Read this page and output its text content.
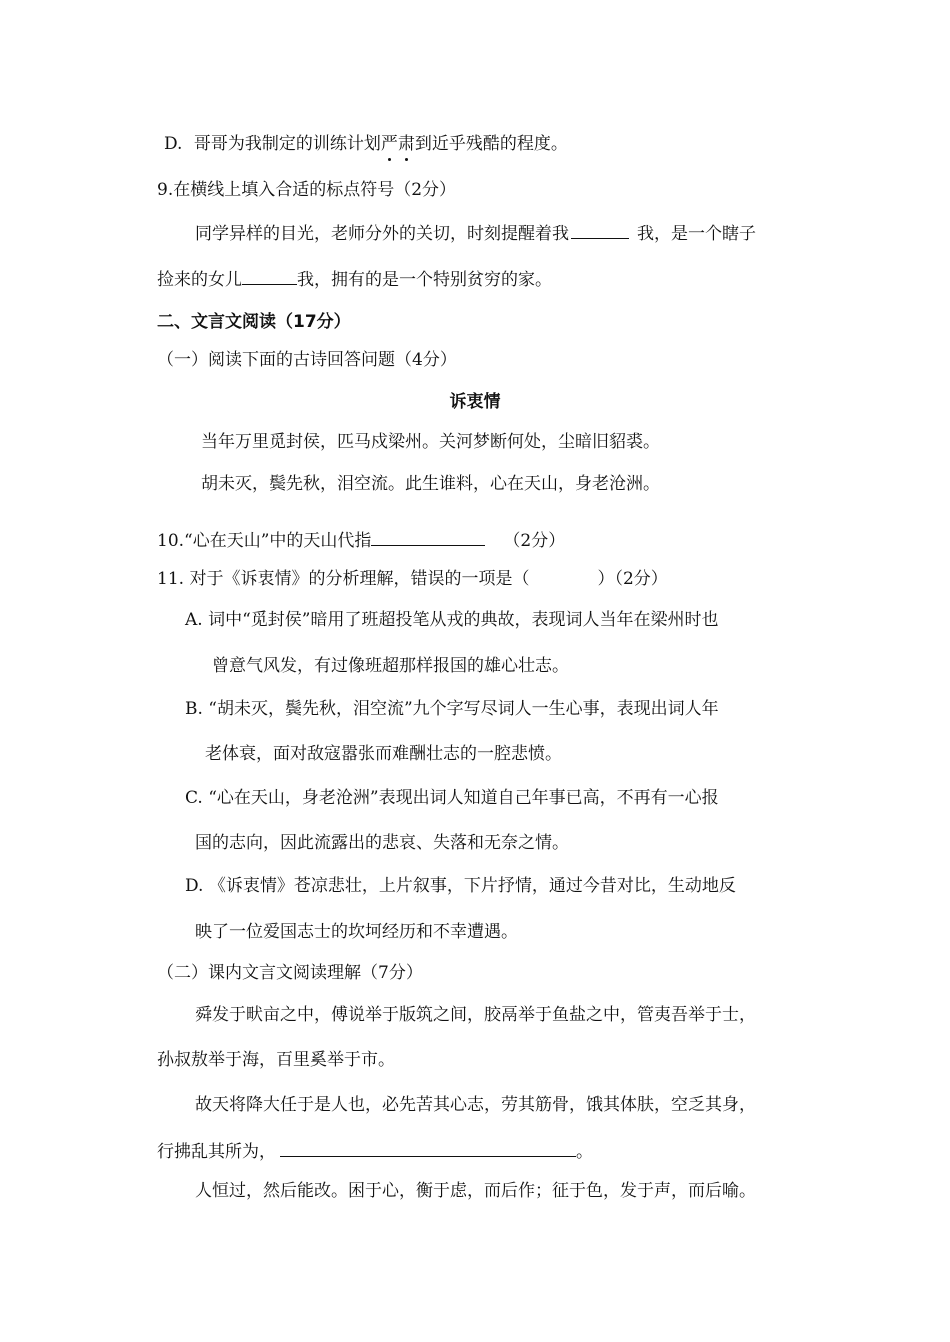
D. 哥哥为我制定的训练计划严肃
到近乎残酷的程度。
9.在横线上填入合适的标点符号（2分）
同学异样的目光，老师分外的关切，时刻提醒着我	我，是一个瞎子
捡来的女儿	我，拥有的是一个特别贫穷的家。
二、文言文阅读（17分）
（一）阅读下面的古诗回答问题（4分）
诉衷情
当年万里觅封侯，匹马戍梁州。关河梦断何处，尘暗旧貂裘。
胡未灭，鬓先秋，泪空流。此生谁料，心在天山，身老沧洲。
10.“心在天山”中的天山代指	（2分）
11. 对于《诉衷情》的分析理解，错误的一项是（	）（2分）
A. 词中“觅封侯”暗用了班超投笔从戎的典故，表现词人当年在梁州时也
曾意气风发，有过像班超那样报国的雄心壮志。
B. “胡未灭，鬓先秋，泪空流”九个字写尽词人一生心事，表现出词人年
老体衰，面对敌寇嚣张而难酬壮志的一腔悲愤。
C. “心在天山，身老沧洲”表现出词人知道自己年事已高，不再有一心报
国的志向，因此流露出的悲哀、失落和无奈之情。
D. 《诉衷情》苍凉悲壮，上片叙事，下片抒情，通过今昔对比，生动地反
映了一位爱国志士的坎坷经历和不幸遭遇。
（二）课内文言文阅读理解（7分）
舜发于畎亩之中，傅说举于版筑之间，胶鬲举于鱼盐之中，管夷吾举于士，
孙叔敖举于海，百里奚举于市。
故天将降大任于是人也，必先苦其心志，劳其筋骨，饿其体肤，空乏其身，
行拂乱其所为，	。
人恒过，然后能改。困于心，衡于虑，而后作；征于色，发于声，而后喻。
